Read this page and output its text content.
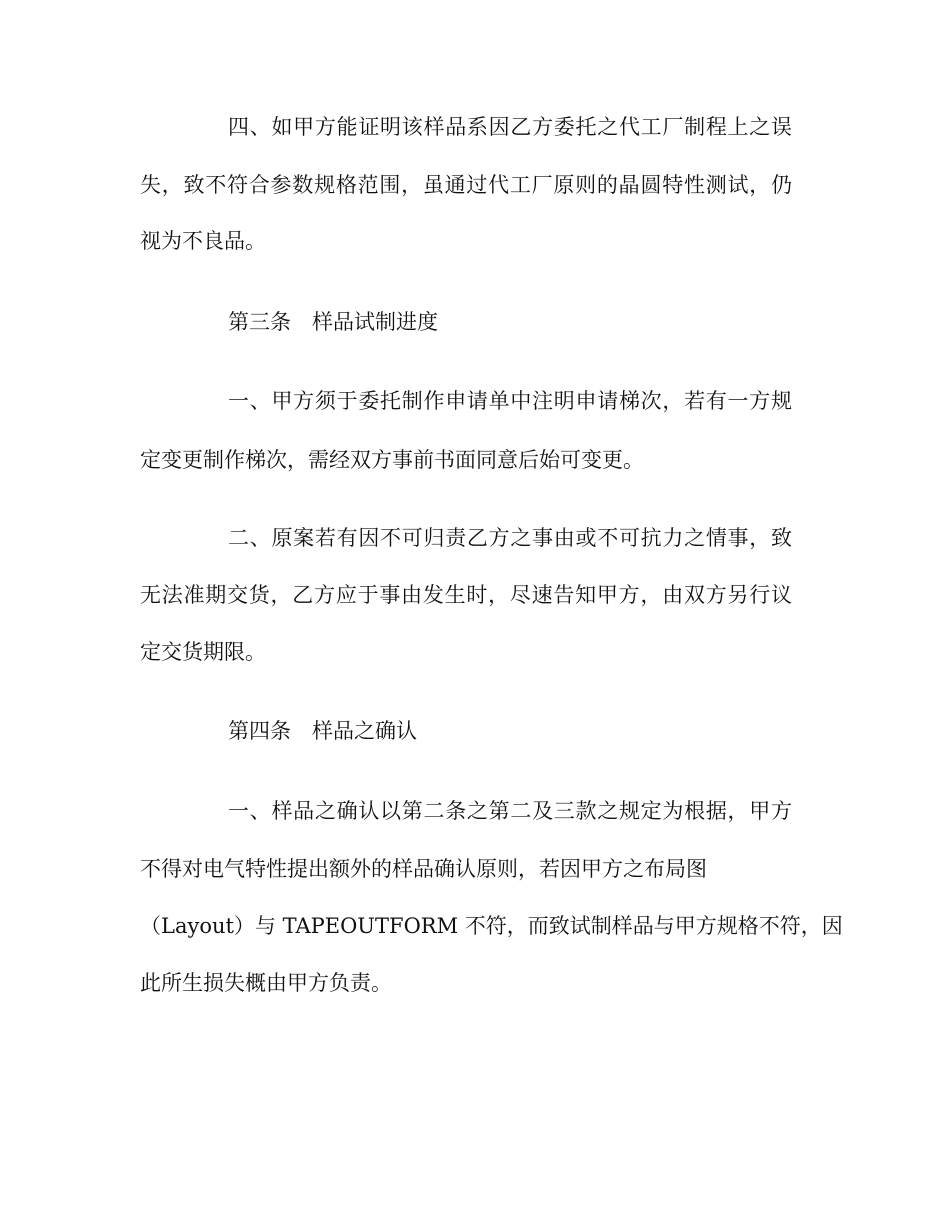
四、如甲方能证明该样品系因乙方委托之代工厂制程上之误
失，致不符合参数规格范围，虽通过代工厂原则的晶圆特性测试，仍
视为不良品。
第三条　样品试制进度
一、甲方须于委托制作申请单中注明申请梯次，若有一方规
定变更制作梯次，需经双方事前书面同意后始可变更。
二、原案若有因不可归责乙方之事由或不可抗力之情事，致
无法准期交货，乙方应于事由发生时，尽速告知甲方，由双方另行议
定交货期限。
第四条　样品之确认
一、样品之确认以第二条之第二及三款之规定为根据，甲方
不得对电气特性提出额外的样品确认原则，若因甲方之布局图
（Layout）与 TAPEOUTFORM 不符，而致试制样品与甲方规格不符，因
此所生损失概由甲方负责。
